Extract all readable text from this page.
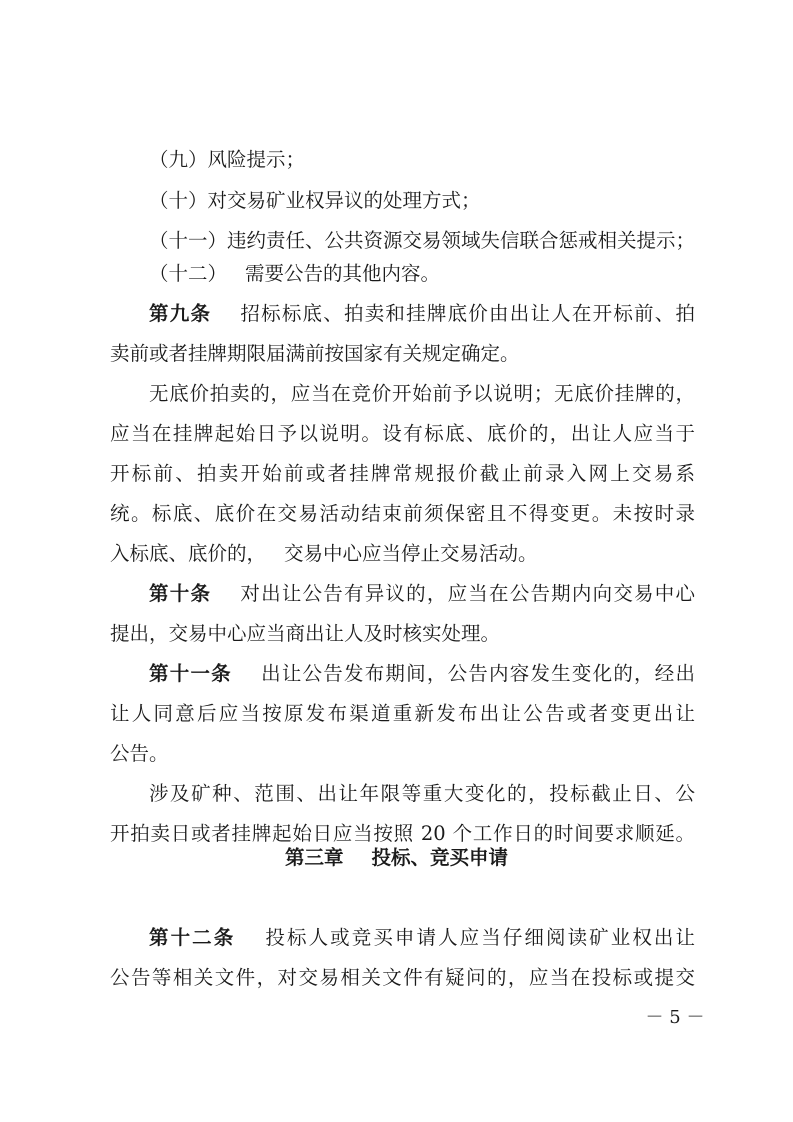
（九）风险提示；
（十）对交易矿业权异议的处理方式；
（十一）违约责任、公共资源交易领域失信联合惩戒相关提示；
（十二） 需要公告的其他内容。
第九条 招标标底、拍卖和挂牌底价由出让人在开标前、拍
卖前或者挂牌期限届满前按国家有关规定确定。
无底价拍卖的，应当在竞价开始前予以说明；无底价挂牌的，
应当在挂牌起始日予以说明。设有标底、底价的，出让人应当于
开标前、拍卖开始前或者挂牌常规报价截止前录入网上交易系
统。标底、底价在交易活动结束前须保密且不得变更。未按时录
入标底、底价的， 交易中心应当停止交易活动。
第十条 对出让公告有异议的，应当在公告期内向交易中心
提出，交易中心应当商出让人及时核实处理。
第十一条 出让公告发布期间，公告内容发生变化的，经出
让人同意后应当按原发布渠道重新发布出让公告或者变更出让
公告。
涉及矿种、范围、出让年限等重大变化的，投标截止日、公
开拍卖日或者挂牌起始日应当按照 20 个工作日的时间要求顺延。
第三章 投标、竞买申请
第十二条 投标人或竞买申请人应当仔细阅读矿业权出让
公告等相关文件，对交易相关文件有疑问的，应当在投标或提交
－ 5 －
